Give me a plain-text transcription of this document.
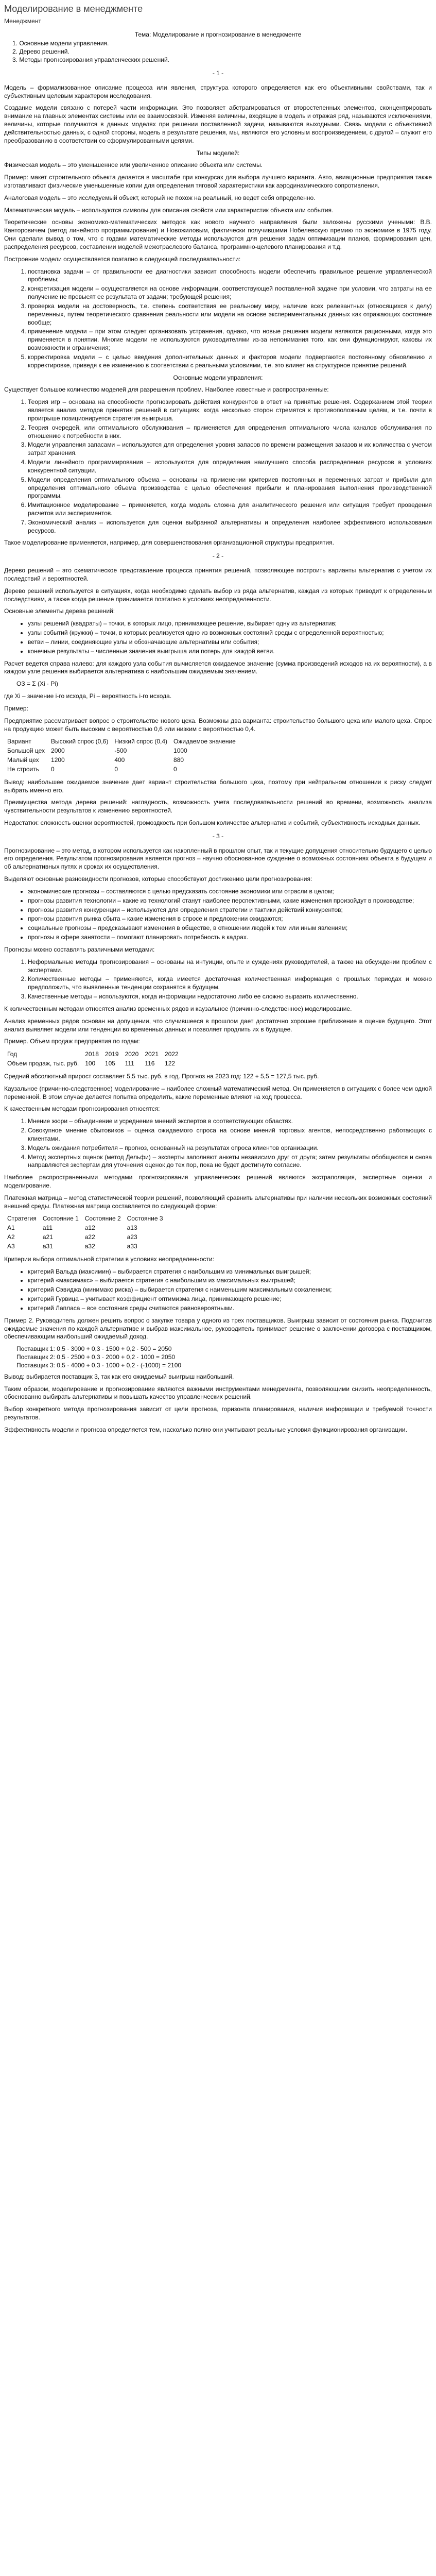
Моделирование в менеджменте
Менеджмент
Тема: Моделирование и прогнозирование в менеджменте
1. Основные модели управления.
2. Дерево решений.
3. Методы прогнозирования управленческих решений.
- 1 -

Модель – формализованное описание процесса или явления, структура которого определяется как его объективными свойствами, так и субъективным целевым характером исследования.

Создание модели связано с потерей части информации. Это позволяет абстрагироваться от второстепенных элементов, сконцентрировать внимание на главных элементах системы или ее взаимосвязей. Изменяя величины, входящие в модель и отражая ряд, называются исключениями, величины, которые получаются в данных моделях при решении поставленной задачи, называются выходными. Связь модели с объективной действительностью данных, с одной стороны, модель в результате решения, мы, являются его условным воспроизведением, с другой – служит его преобразованию в соответствии со сформулированными целями.

Типы моделей:

Физическая модель – это уменьшенное или увеличенное описание объекта или системы.

Пример: макет строительного объекта делается в масштабе при конкурсах для выбора лучшего варианта. Авто, авиационные предприятия также изготавливают физические уменьшенные копии для определения тяговой характеристики как аэродинамического сопротивления.

Аналоговая модель – это исследуемый объект, который не похож на реальный, но ведет себя определенно.

Математическая модель – используются символы для описания свойств или характеристик объекта или события.

Теоретические основы экономико-математических методов как нового научного направления были заложены русскими учеными: В.В. Канторовичем (метод линейного программирования) и Новожиловым, фактически получившими Нобелевскую премию по экономике в 1975 году. Они сделали вывод о том, что с годами математические методы используются для решения задач оптимизации планов, формирования цен, распределения ресурсов, составлении моделей межотраслевого баланса, программно-целевого планирования и т.д.

Построение модели осуществляется поэтапно в следующей последовательности:

1. постановка задачи – от правильности ее диагностики зависит способность модели обеспечить правильное решение управленческой проблемы;
2. конкретизация модели – осуществляется на основе информации, соответствующей поставленной задаче при условии, что затраты на ее получение не превысят ее результата от задачи; требующей решения;
3. проверка модели на достоверность, т.е. степень соответствия ее реальному миру, наличие всех релевантных (относящихся к делу) переменных, путем теоретического сравнения реальности или модели на основе экспериментальных данных как отражающих состояние вообще;
4. применение модели – при этом следует организовать устранения, однако, что новые решения модели являются рационными, когда это применяется в понятии. Многие модели не используются руководителями из-за непонимания того, как они функционируют, каковы их возможности и ограничения;
5. корректировка модели – с целью введения дополнительных данных и факторов модели подвергаются постоянному обновлению и корректировке, приведя к ее изменению в соответствии с реальными условиями, т.е. это влияет на структурное принятие решений.

Основные модели управления:

Существует большое количество моделей для разрешения проблем. Наиболее известные и распространенные:

1. Теория игр – основана на способности прогнозировать действия конкурентов в ответ на принятые решения. Содержанием этой теории является анализ методов принятия решений в ситуациях, когда несколько сторон стремятся к противоположным целям, и т.е. почти в проигрыше позиционируется стратегия выигрыша.
2. Теория очередей, или оптимального обслуживания – применяется для определения оптимального числа каналов обслуживания по отношению к потребности в них.
3. Модели управления запасами – используются для определения уровня запасов по времени размещения заказов и их количества с учетом затрат хранения.
4. Модели линейного программирования – используются для определения наилучшего способа распределения ресурсов в условиях конкурентной ситуации.
5. Модели определения оптимального объема – основаны на применении критериев постоянных и переменных затрат и прибыли для определения оптимального объема производства с целью обеспечения прибыли и планирования выполнения производственной программы.
6. Имитационное моделирование – применяется, когда модель сложна для аналитического решения или ситуация требует проведения расчетов или экспериментов.
7. Экономический анализ – используется для оценки выбранной альтернативы и определения наиболее эффективного использования ресурсов.

Такое моделирование применяется, например, для совершенствования организационной структуры предприятия.

- 2 -

Дерево решений – это схематическое представление процесса принятия решений, позволяющее построить варианты альтернатив с учетом их последствий и вероятностей.

Дерево решений используется в ситуациях, когда необходимо сделать выбор из ряда альтернатив, каждая из которых приводит к определенным последствиям, а также когда решение принимается поэтапно в условиях неопределенности.

Основные элементы дерева решений:

• узлы решений (квадраты) – точки, в которых лицо, принимающее решение, выбирает одну из альтернатив;
• узлы событий (кружки) – точки, в которых реализуется одно из возможных состояний среды с определенной вероятностью;
• ветви – линии, соединяющие узлы и обозначающие альтернативы или события;
• конечные результаты – численные значения выигрыша или потерь для каждой ветви.

Расчет ведется справа налево: для каждого узла события вычисляется ожидаемое значение (сумма произведений исходов на их вероятности), а в каждом узле решения выбирается альтернатива с наибольшим ожидаемым значением.

ОЗ = Σ (Xi · Pi)

где Xi – значение i-го исхода, Pi – вероятность i-го исхода.

Пример:

Предприятие рассматривает вопрос о строительстве нового цеха. Возможны два варианта: строительство большого цеха или малого цеха. Спрос на продукцию может быть высоким с вероятностью 0,6 или низким с вероятностью 0,4.

Вариант	Высокий спрос (0,6)	Низкий спрос (0,4)	Ожидаемое значение
Большой цех	2000	-500	1000
Малый цех	1200	400	880
Не строить	0	0	0

Вывод: наибольшее ожидаемое значение дает вариант строительства большого цеха, поэтому при нейтральном отношении к риску следует выбрать именно его.

Преимущества метода дерева решений: наглядность, возможность учета последовательности решений во времени, возможность анализа чувствительности результатов к изменению вероятностей.

Недостатки: сложность оценки вероятностей, громоздкость при большом количестве альтернатив и событий, субъективность исходных данных.

- 3 -

Прогнозирование – это метод, в котором используется как накопленный в прошлом опыт, так и текущие допущения относительно будущего с целью его определения. Результатом прогнозирования является прогноз – научно обоснованное суждение о возможных состояниях объекта в будущем и об альтернативных путях и сроках их осуществления.

Выделяют основные разновидности прогнозов, которые способствуют достижению цели прогнозирования:

• экономические прогнозы – составляются с целью предсказать состояние экономики или отрасли в целом;
• прогнозы развития технологии – какие из технологий станут наиболее перспективными, какие изменения произойдут в производстве;
• прогнозы развития конкуренции – используются для определения стратегии и тактики действий конкурентов;
• прогнозы развития рынка сбыта – какие изменения в спросе и предложении ожидаются;
• социальные прогнозы – предсказывают изменения в обществе, в отношении людей к тем или иным явлениям;
• прогнозы в сфере занятости – помогают планировать потребность в кадрах.

Прогнозы можно составлять различными методами:

1. Неформальные методы прогнозирования – основаны на интуиции, опыте и суждениях руководителей, а также на обсуждении проблем с экспертами.
2. Количественные методы – применяются, когда имеется достаточная количественная информация о прошлых периодах и можно предположить, что выявленные тенденции сохранятся в будущем.
3. Качественные методы – используются, когда информации недостаточно либо ее сложно выразить количественно.

К количественным методам относятся анализ временных рядов и каузальное (причинно-следственное) моделирование.

Анализ временных рядов основан на допущении, что случившееся в прошлом дает достаточно хорошее приближение в оценке будущего. Этот анализ выявляет модели или тенденции во временных данных и позволяет продлить их в будущее.

Пример. Объем продаж предприятия по годам:

Год	2018	2019	2020	2021	2022
Объем продаж, тыс. руб.	100	105	111	116	122

Средний абсолютный прирост составляет 5,5 тыс. руб. в год. Прогноз на 2023 год: 122 + 5,5 = 127,5 тыс. руб.

Каузальное (причинно-следственное) моделирование – наиболее сложный математический метод. Он применяется в ситуациях с более чем одной переменной. В этом случае делается попытка определить, какие переменные влияют на ход процесса.

К качественным методам прогнозирования относятся:

1. Мнение жюри – объединение и усреднение мнений экспертов в соответствующих областях.
2. Совокупное мнение сбытовиков – оценка ожидаемого спроса на основе мнений торговых агентов, непосредственно работающих с клиентами.
3. Модель ожидания потребителя – прогноз, основанный на результатах опроса клиентов организации.
4. Метод экспертных оценок (метод Дельфи) – эксперты заполняют анкеты независимо друг от друга; затем результаты обобщаются и снова направляются экспертам для уточнения оценок до тех пор, пока не будет достигнуто согласие.

Наиболее распространенными методами прогнозирования управленческих решений являются экстраполяция, экспертные оценки и моделирование.

Платежная матрица – метод статистической теории решений, позволяющий сравнить альтернативы при наличии нескольких возможных состояний внешней среды. Платежная матрица составляется по следующей форме:

Стратегия	Состояние 1	Состояние 2	Состояние 3
A1	a11	a12	a13
A2	a21	a22	a23
A3	a31	a32	a33

Критерии выбора оптимальной стратегии в условиях неопределенности:

• критерий Вальда (максимин) – выбирается стратегия с наибольшим из минимальных выигрышей;
• критерий «максимакс» – выбирается стратегия с наибольшим из максимальных выигрышей;
• критерий Сэвиджа (минимакс риска) – выбирается стратегия с наименьшим максимальным сожалением;
• критерий Гурвица – учитывает коэффициент оптимизма лица, принимающего решение;
• критерий Лапласа – все состояния среды считаются равновероятными.

Пример 2. Руководитель должен решить вопрос о закупке товара у одного из трех поставщиков. Выигрыш зависит от состояния рынка. Подсчитав ожидаемые значения по каждой альтернативе и выбрав максимальное, руководитель принимает решение о заключении договора с поставщиком, обеспечивающим наибольший ожидаемый доход.

Поставщик 1: 0,5 · 3000 + 0,3 · 1500 + 0,2 · 500 = 2050
Поставщик 2: 0,5 · 2500 + 0,3 · 2000 + 0,2 · 1000 = 2050
Поставщик 3: 0,5 · 4000 + 0,3 · 1000 + 0,2 · (-1000) = 2100

Вывод: выбирается поставщик 3, так как его ожидаемый выигрыш наибольший.

Таким образом, моделирование и прогнозирование являются важными инструментами менеджмента, позволяющими снизить неопределенность, обоснованно выбирать альтернативы и повышать качество управленческих решений.

Выбор конкретного метода прогнозирования зависит от цели прогноза, горизонта планирования, наличия информации и требуемой точности результатов.

Эффективность модели и прогноза определяется тем, насколько полно они учитывают реальные условия функционирования организации.
